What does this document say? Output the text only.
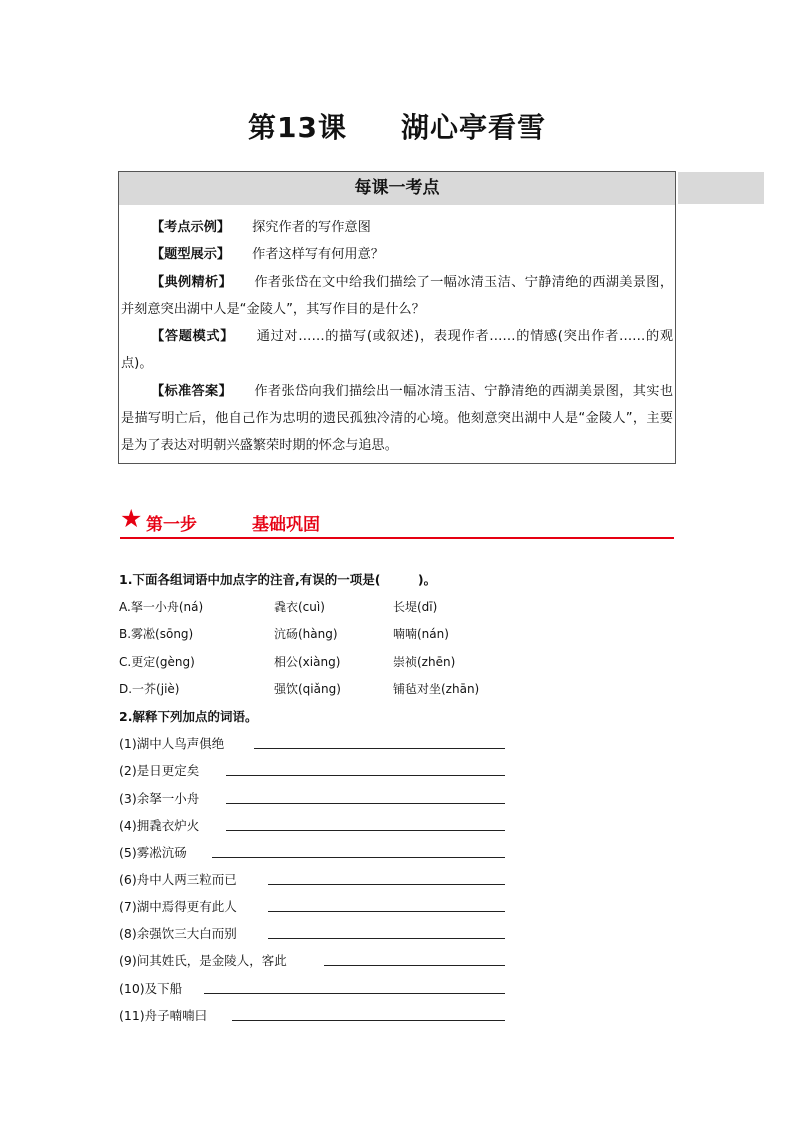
第13课 湖心亭看雪
每课一考点

【考点示例】 探究作者的写作意图

【题型展示】 作者这样写有何用意？

【典例精析】 作者张岱在文中给我们描绘了一幅冰清玉洁、宁静清绝的西湖美景图，并刻意突出湖中人是“金陵人”，其写作目的是什么？

【答题模式】 通过对……的描写(或叙述)，表现作者……的情感(突出作者……的观点)。

【标准答案】 作者张岱向我们描绘出一幅冰清玉洁、宁静清绝的西湖美景图，其实也是描写明亡后，他自己作为忠明的遗民孤独冷清的心境。他刻意突出湖中人是“金陵人”，主要是为了表达对明朝兴盛繁荣时期的怀念与追思。

★ 第一步	基础巩固
1.下面各组词语中加点字的注音,有误的一项是(　　　)。
A.拏一小舟(ná)	毳衣(cuì)	长堤(dī)
B.雾凇(sōng)	沆砀(hàng)	喃喃(nán)
C.更定(gèng)	相公(xiàng)	崇祯(zhēn)
D.一芥(jiè)	强饮(qiǎng)	铺毡对坐(zhān)
2.解释下列加点的词语。
(1)湖中人鸟声俱绝
(2)是日更定矣
(3)余拏一小舟
(4)拥毳衣炉火
(5)雾凇沆砀
(6)舟中人两三粒而已
(7)湖中焉得更有此人
(8)余强饮三大白而别
(9)问其姓氏，是金陵人，客此
(10)及下船
(11)舟子喃喃曰
